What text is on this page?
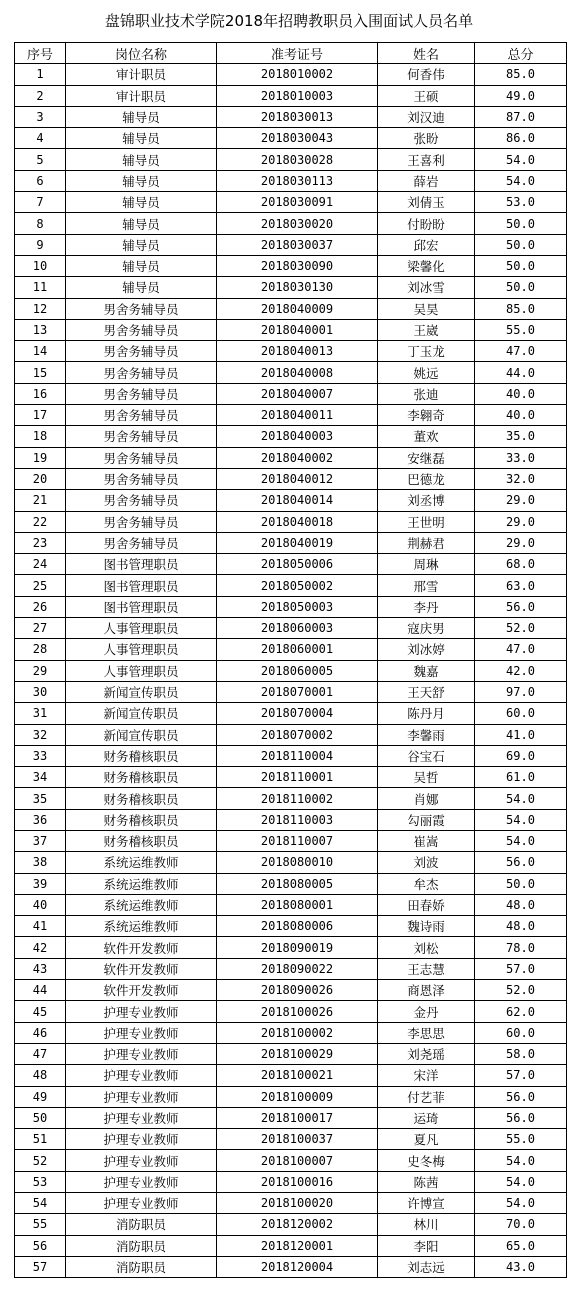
盘锦职业技术学院2018年招聘教职员入围面试人员名单
序号	岗位名称	准考证号	姓名	总分
1	审计职员	2018010002	何香伟	85.0
2	审计职员	2018010003	王硕	49.0
3	辅导员	2018030013	刘汉迪	87.0
4	辅导员	2018030043	张盼	86.0
5	辅导员	2018030028	王喜利	54.0
6	辅导员	2018030113	薛岩	54.0
7	辅导员	2018030091	刘倩玉	53.0
8	辅导员	2018030020	付盼盼	50.0
9	辅导员	2018030037	邱宏	50.0
10	辅导员	2018030090	梁馨化	50.0
11	辅导员	2018030130	刘冰雪	50.0
12	男舍务辅导员	2018040009	吴昊	85.0
13	男舍务辅导员	2018040001	王崴	55.0
14	男舍务辅导员	2018040013	丁玉龙	47.0
15	男舍务辅导员	2018040008	姚远	44.0
16	男舍务辅导员	2018040007	张迪	40.0
17	男舍务辅导员	2018040011	李翱奇	40.0
18	男舍务辅导员	2018040003	董欢	35.0
19	男舍务辅导员	2018040002	安继磊	33.0
20	男舍务辅导员	2018040012	巴德龙	32.0
21	男舍务辅导员	2018040014	刘丞博	29.0
22	男舍务辅导员	2018040018	王世明	29.0
23	男舍务辅导员	2018040019	荆赫君	29.0
24	图书管理职员	2018050006	周琳	68.0
25	图书管理职员	2018050002	邢雪	63.0
26	图书管理职员	2018050003	李丹	56.0
27	人事管理职员	2018060003	寇庆男	52.0
28	人事管理职员	2018060001	刘冰婷	47.0
29	人事管理职员	2018060005	魏嘉	42.0
30	新闻宣传职员	2018070001	王天舒	97.0
31	新闻宣传职员	2018070004	陈丹月	60.0
32	新闻宣传职员	2018070002	李馨雨	41.0
33	财务稽核职员	2018110004	谷宝石	69.0
34	财务稽核职员	2018110001	吴哲	61.0
35	财务稽核职员	2018110002	肖娜	54.0
36	财务稽核职员	2018110003	勾丽霞	54.0
37	财务稽核职员	2018110007	崔嵩	54.0
38	系统运维教师	2018080010	刘波	56.0
39	系统运维教师	2018080005	牟杰	50.0
40	系统运维教师	2018080001	田春娇	48.0
41	系统运维教师	2018080006	魏诗雨	48.0
42	软件开发教师	2018090019	刘松	78.0
43	软件开发教师	2018090022	王志慧	57.0
44	软件开发教师	2018090026	商恩泽	52.0
45	护理专业教师	2018100026	金丹	62.0
46	护理专业教师	2018100002	李思思	60.0
47	护理专业教师	2018100029	刘尧瑶	58.0
48	护理专业教师	2018100021	宋洋	57.0
49	护理专业教师	2018100009	付艺菲	56.0
50	护理专业教师	2018100017	运琦	56.0
51	护理专业教师	2018100037	夏凡	55.0
52	护理专业教师	2018100007	史冬梅	54.0
53	护理专业教师	2018100016	陈茜	54.0
54	护理专业教师	2018100020	许博宣	54.0
55	消防职员	2018120002	林川	70.0
56	消防职员	2018120001	李阳	65.0
57	消防职员	2018120004	刘志远	43.0
